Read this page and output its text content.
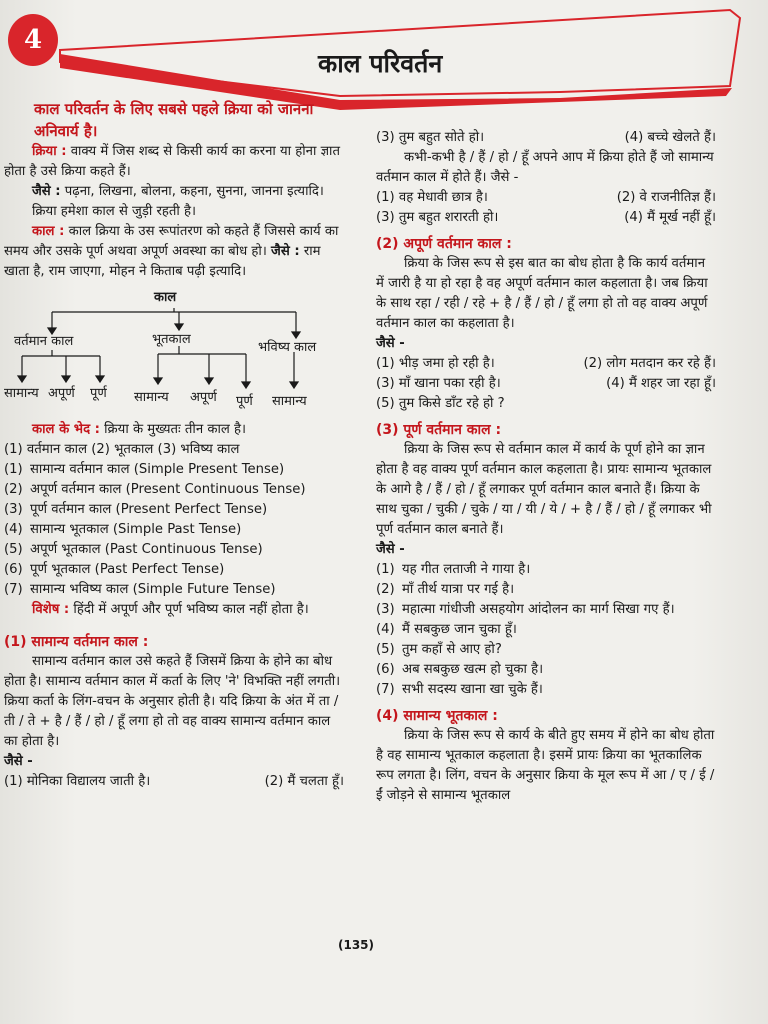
4
काल परिवर्तन

काल परिवर्तन के लिए सबसे पहले क्रिया को जानना अनिवार्य है।

क्रिया : वाक्य में जिस शब्द से किसी कार्य का करना या होना ज्ञात होता है उसे क्रिया कहते हैं।

जैसे : पढ़ना, लिखना, बोलना, कहना, सुनना, जानना इत्यादि।

क्रिया हमेशा काल से जुड़ी रहती है।

काल : काल क्रिया के उस रूपांतरण को कहते हैं जिससे कार्य का समय और उसके पूर्ण अथवा अपूर्ण अवस्था का बोध हो। जैसे : राम खाता है, राम जाएगा, मोहन ने किताब पढ़ी इत्यादि।

काल
वर्तमान काल	भूतकाल
भविष्य काल
सामान्य अपूर्ण पूर्ण सामान्य अपूर्ण पूर्ण सामान्य

काल के भेद : क्रिया के मुख्यतः तीन काल है।

(1) वर्तमान काल (2) भूतकाल (3) भविष्य काल

(1) सामान्य वर्तमान काल (Simple Present Tense)
(2) अपूर्ण वर्तमान काल (Present Continuous Tense)
(3) पूर्ण वर्तमान काल (Present Perfect Tense)
(4) सामान्य भूतकाल (Simple Past Tense)
(5) अपूर्ण भूतकाल (Past Continuous Tense)
(6) पूर्ण भूतकाल (Past Perfect Tense)
(7) सामान्य भविष्य काल (Simple Future Tense)

विशेष : हिंदी में अपूर्ण और पूर्ण भविष्य काल नहीं होता है।

(1) सामान्य वर्तमान काल :

सामान्य वर्तमान काल उसे कहते हैं जिसमें क्रिया के होने का बोध होता है। सामान्य वर्तमान काल में कर्ता के लिए 'ने' विभक्ति नहीं लगती। क्रिया कर्ता के लिंग-वचन के अनुसार होती है। यदि क्रिया के अंत में ता / ती / ते + है / हैं / हो / हूँ लगा हो तो वह वाक्य सामान्य वर्तमान काल का होता है।

जैसे -

(1) मोनिका विद्यालय जाती है।	(2) मैं चलता हूँ।
(3) तुम बहुत सोते हो।	(4) बच्चे खेलते हैं।

कभी-कभी है / हैं / हो / हूँ अपने आप में क्रिया होते हैं जो सामान्य वर्तमान काल में होते हैं। जैसे -

(1) वह मेधावी छात्र है।	(2) वे राजनीतिज्ञ हैं।
(3) तुम बहुत शरारती हो।	(4) मैं मूर्ख नहीं हूँ।

(2) अपूर्ण वर्तमान काल :

क्रिया के जिस रूप से इस बात का बोध होता है कि कार्य वर्तमान में जारी है या हो रहा है वह अपूर्ण वर्तमान काल कहलाता है। जब क्रिया के साथ रहा / रही / रहे + है / हैं / हो / हूँ लगा हो तो वह वाक्य अपूर्ण वर्तमान काल का कहलाता है।

जैसे -

(1) भीड़ जमा हो रही है।	(2) लोग मतदान कर रहे हैं।
(3) माँ खाना पका रही है।	(4) मैं शहर जा रहा हूँ।

(5) तुम किसे डाँट रहे हो ?

(3) पूर्ण वर्तमान काल :

क्रिया के जिस रूप से वर्तमान काल में कार्य के पूर्ण होने का ज्ञान होता है वह वाक्य पूर्ण वर्तमान काल कहलाता है। प्रायः सामान्य भूतकाल के आगे है / हैं / हो / हूँ लगाकर पूर्ण वर्तमान काल बनाते हैं। क्रिया के साथ चुका / चुकी / चुके / या / यी / ये / + है / हैं / हो / हूँ लगाकर भी पूर्ण वर्तमान काल बनाते हैं।

जैसे -

(1) यह गीत लताजी ने गाया है।
(2) माँ तीर्थ यात्रा पर गई है।
(3) महात्मा गांधीजी असहयोग आंदोलन का मार्ग सिखा गए हैं।
(4) मैं सबकुछ जान चुका हूँ।
(5) तुम कहाँ से आए हो?
(6) अब सबकुछ खत्म हो चुका है।
(7) सभी सदस्य खाना खा चुके हैं।

(4) सामान्य भूतकाल :

क्रिया के जिस रूप से कार्य के बीते हुए समय में होने का बोध होता है वह सामान्य भूतकाल कहलाता है। इसमें प्रायः क्रिया का भूतकालिक रूप लगता है। लिंग, वचन के अनुसार क्रिया के मूल रूप में आ / ए / ई / ईं जोड़ने से सामान्य भूतकाल

(135)
